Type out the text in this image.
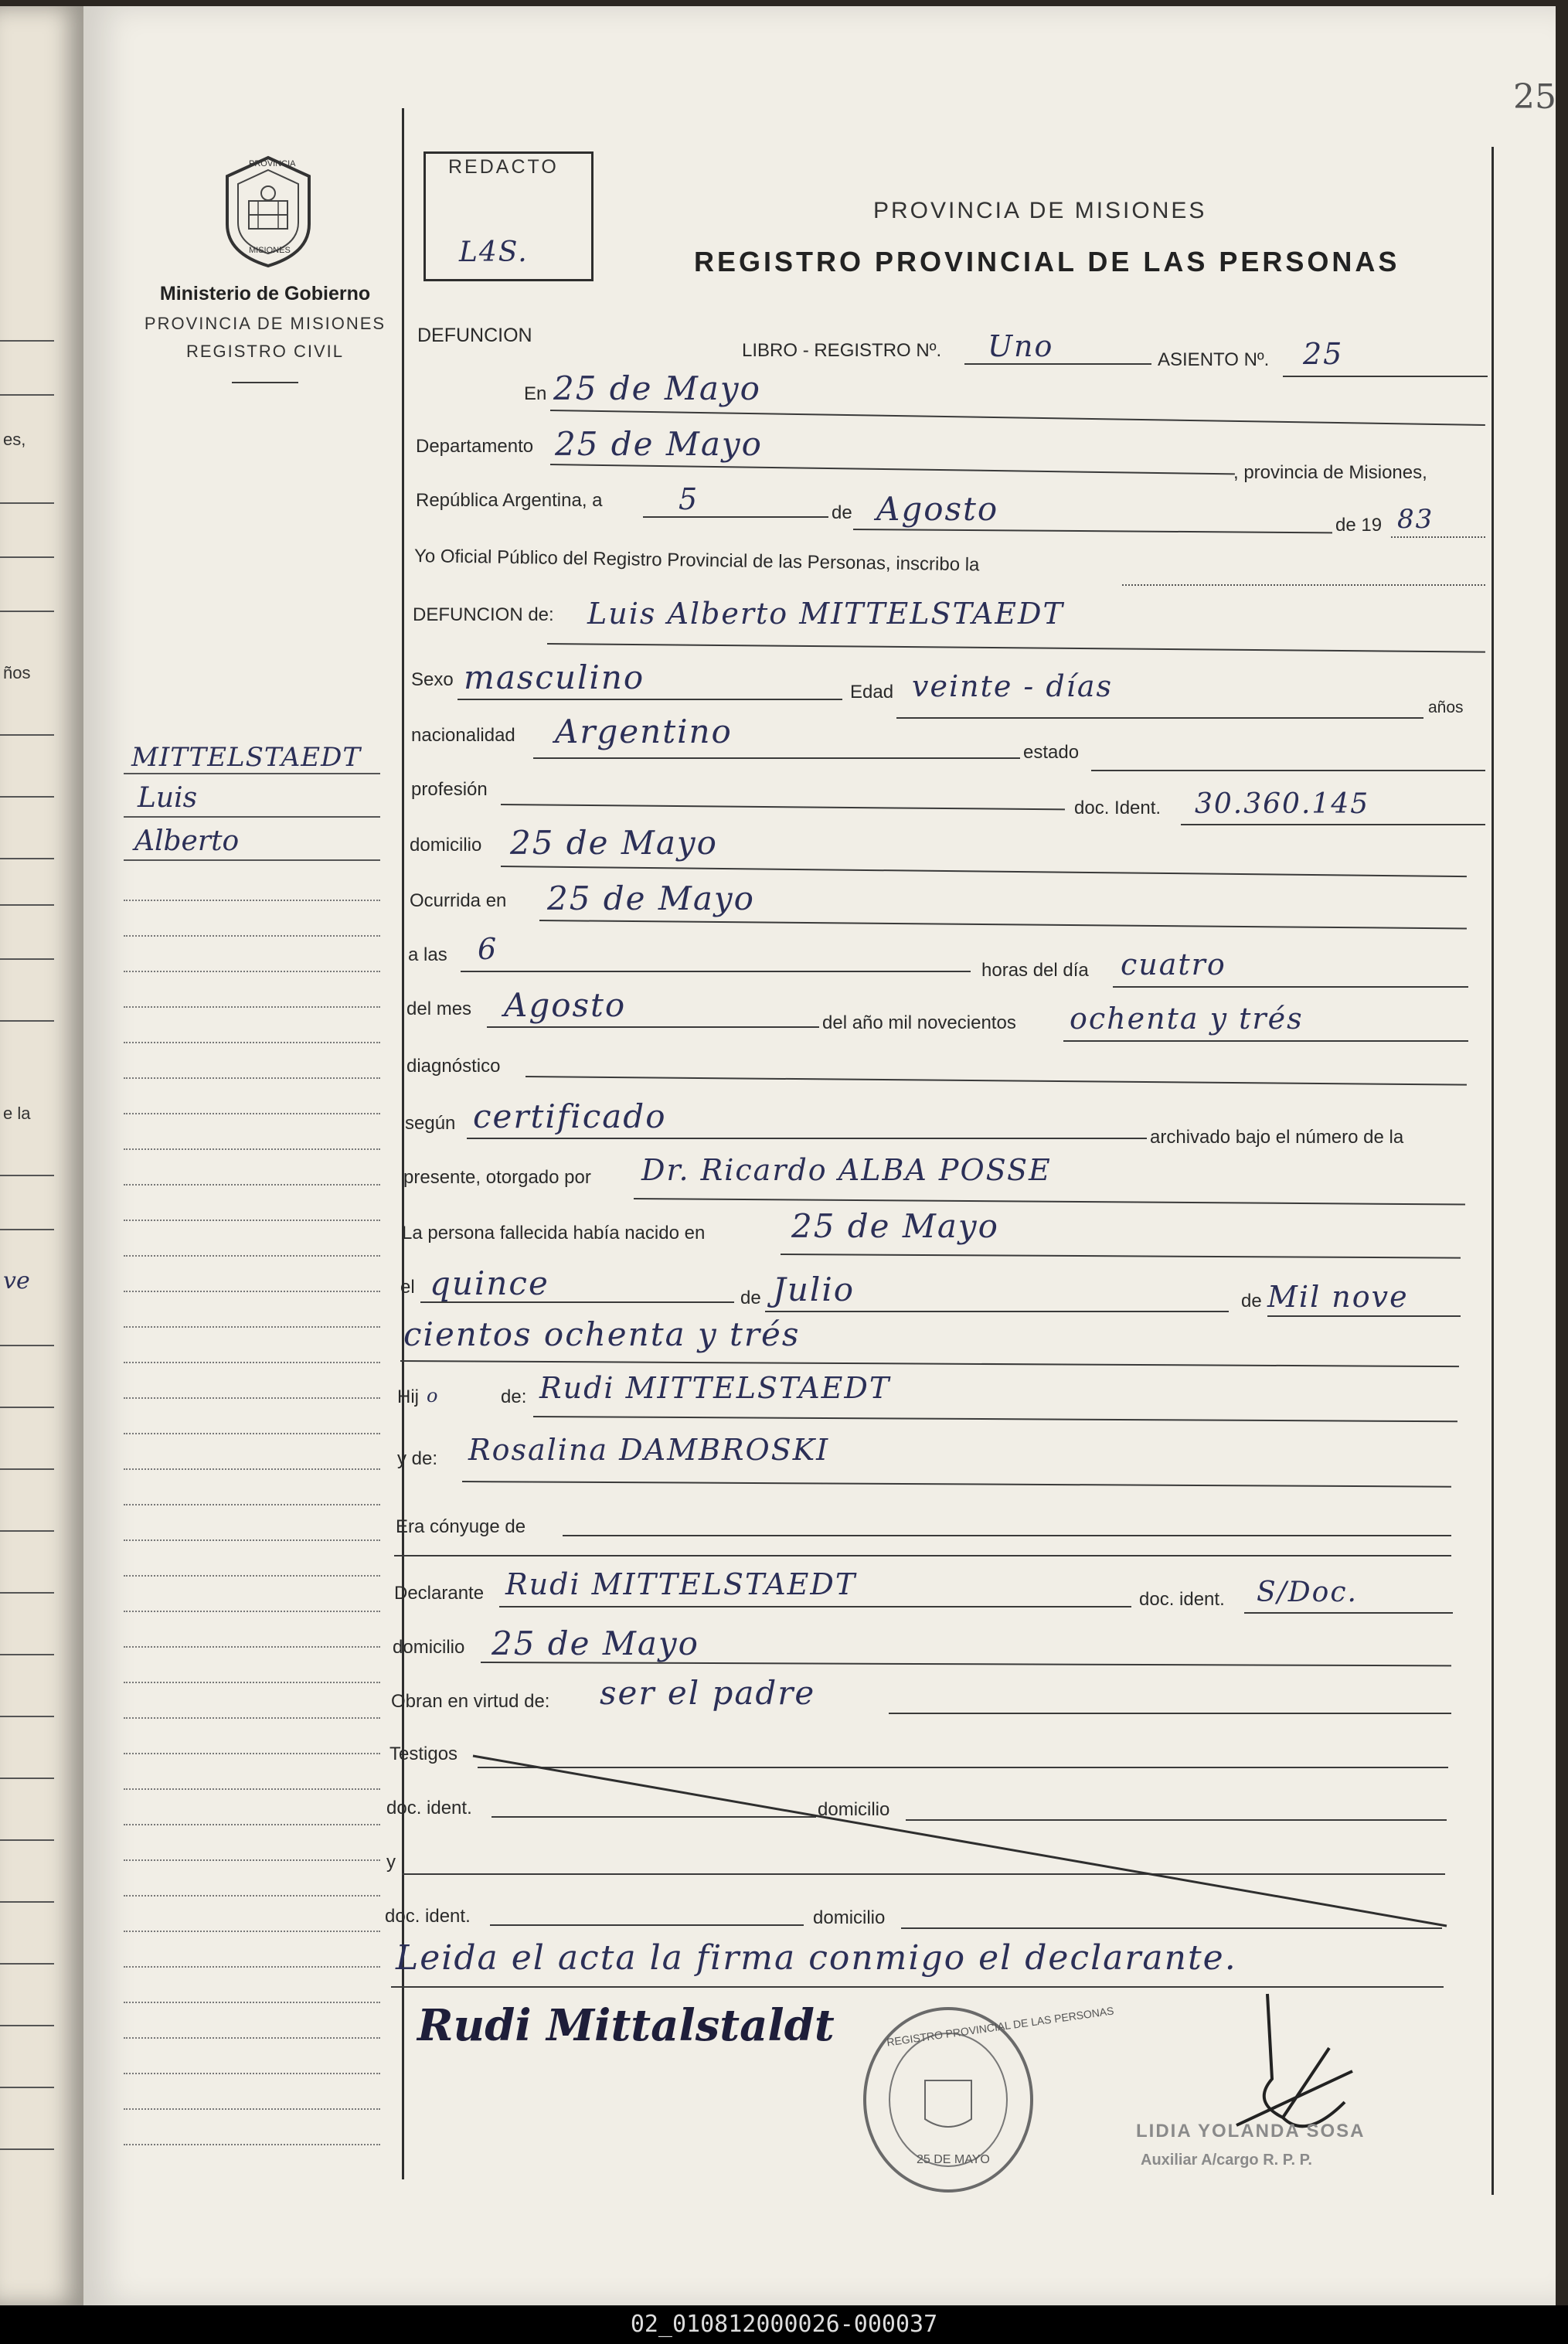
es,
ños
e la
ve
25
PROVINCIA
MISIONES
Ministerio de Gobierno
PROVINCIA DE MISIONES
REGISTRO CIVIL
REDACTO
L4S.
PROVINCIA DE MISIONES
REGISTRO PROVINCIAL DE LAS PERSONAS
DEFUNCION
LIBRO - REGISTRO Nº. Uno	ASIENTO Nº. 25
En 25 de Mayo
Departamento 25 de Mayo
, provincia de Misiones,
República Argentina, a	5	de Agosto	de 19 83
Yo Oficial Público del Registro Provincial de las Personas, inscribo la
DEFUNCION de: Luis Alberto MITTELSTAEDT
Sexo masculino	Edad veinte - días
años
nacionalidad Argentino
estado
profesión
doc. Ident. 30.360.145
domicilio 25 de Mayo
Ocurrida en 25 de Mayo
a las 6
horas del día cuatro
del mes Agosto	del año mil novecientos ochenta y trés
diagnóstico
según certificado
archivado bajo el número de la
presente, otorgado por Dr. Ricardo ALBA POSSE
La persona fallecida había nacido en	25 de Mayo
el quince	de Julio	de Mil nove
cientos ochenta y trés
Hij o	de: Rudi MITTELSTAEDT
y de: Rosalina DAMBROSKI
Era cónyuge de
Declarante Rudi MITTELSTAEDT	doc. ident. S/Doc.
domicilio 25 de Mayo
Obran en virtud de: ser el padre
Testigos
doc. ident.	domicilio
y
doc. ident.	domicilio
Leida el acta la firma conmigo el declarante.
Rudi Mittalstaldt	REGISTRO PROVINCIAL DE LAS PERSONAS
25 DE MAYO
LIDIA YOLANDA SOSA
Auxiliar A/cargo R. P. P.
MITTELSTAEDT
Luis
Alberto
02_010812000026-000037
